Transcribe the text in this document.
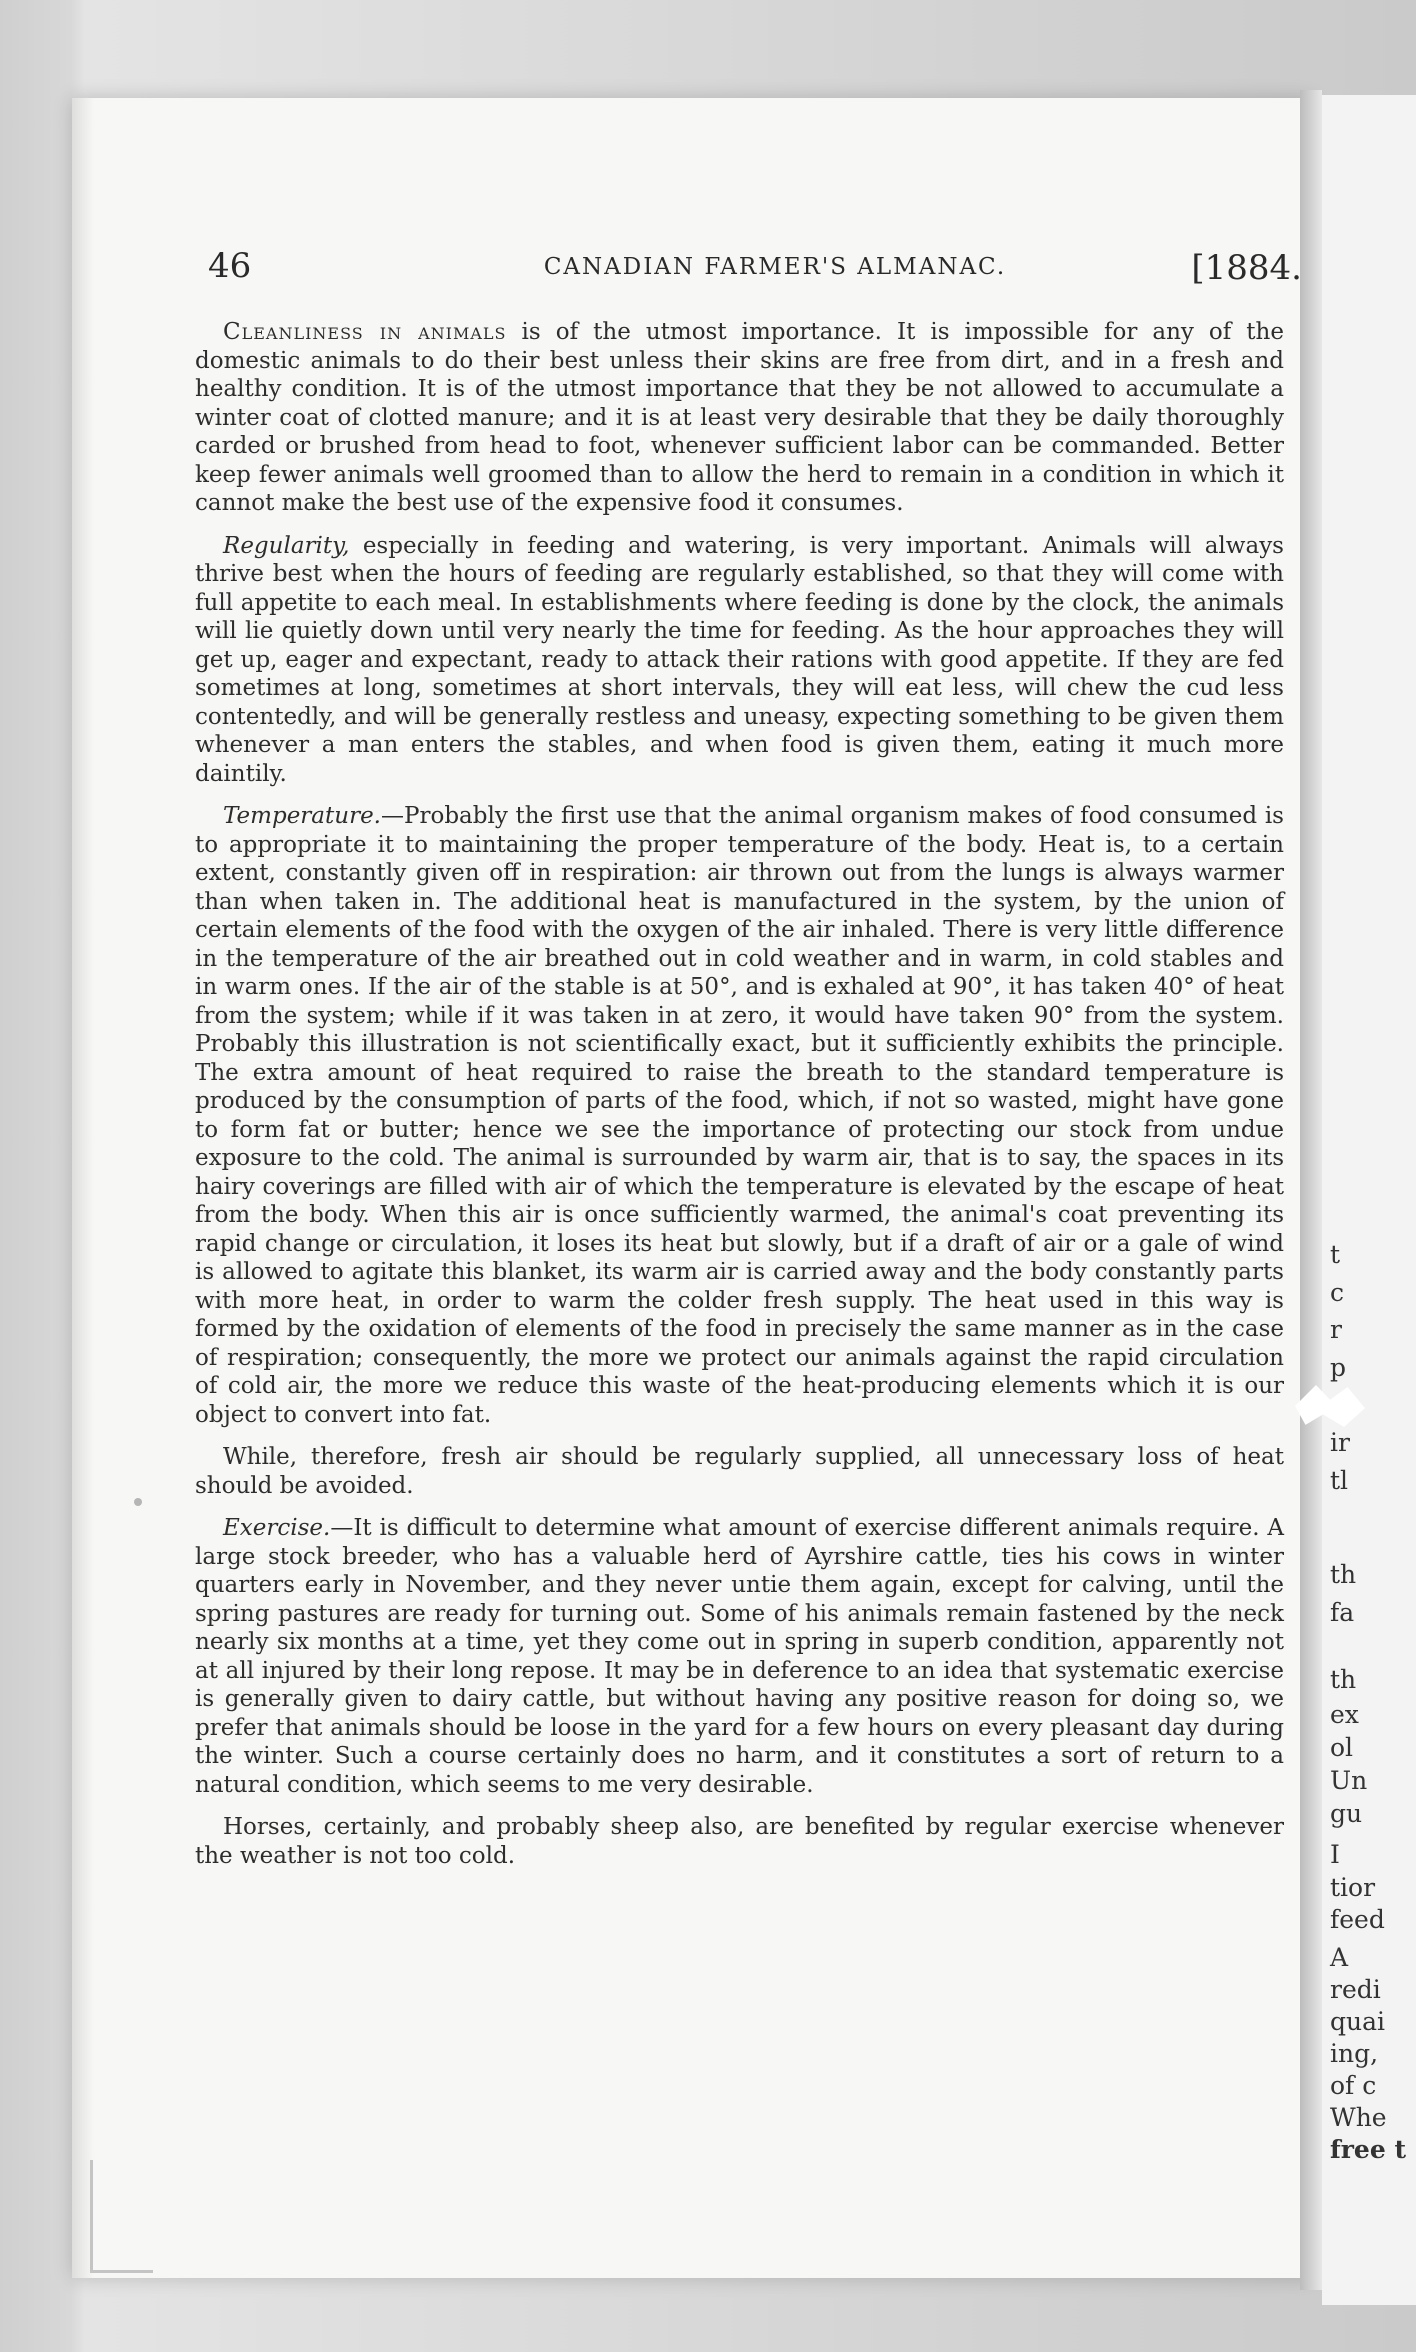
t
c
r
p
ir
tl
th
fa
th
ex
ol
Un
gu
I
tior
feed
A
redi
quai
ing,
of c
Whe
free t
46	CANADIAN FARMER'S ALMANAC.	[1884.

Cleanliness in animals is of the utmost importance. It is impossible for any of the domestic animals to do their best unless their skins are free from dirt, and in a fresh and healthy condition. It is of the utmost importance that they be not allowed to accumulate a winter coat of clotted manure; and it is at least very desirable that they be daily thoroughly carded or brushed from head to foot, whenever sufficient labor can be commanded. Better keep fewer animals well groomed than to allow the herd to remain in a condition in which it cannot make the best use of the expensive food it consumes.

Regularity, especially in feeding and watering, is very important. Animals will always thrive best when the hours of feeding are regularly established, so that they will come with full appetite to each meal. In establishments where feeding is done by the clock, the animals will lie quietly down until very nearly the time for feeding. As the hour approaches they will get up, eager and expectant, ready to attack their rations with good appetite. If they are fed sometimes at long, sometimes at short intervals, they will eat less, will chew the cud less contentedly, and will be generally restless and uneasy, expecting something to be given them whenever a man enters the stables, and when food is given them, eating it much more daintily.

Temperature.—Probably the first use that the animal organism makes of food consumed is to appropriate it to maintaining the proper temperature of the body. Heat is, to a certain extent, constantly given off in respiration: air thrown out from the lungs is always warmer than when taken in. The additional heat is manufactured in the system, by the union of certain elements of the food with the oxygen of the air inhaled. There is very little difference in the temperature of the air breathed out in cold weather and in warm, in cold stables and in warm ones. If the air of the stable is at 50°, and is exhaled at 90°, it has taken 40° of heat from the system; while if it was taken in at zero, it would have taken 90° from the system. Probably this illustration is not scientifically exact, but it sufficiently exhibits the principle. The extra amount of heat required to raise the breath to the standard temperature is produced by the consumption of parts of the food, which, if not so wasted, might have gone to form fat or butter; hence we see the importance of protecting our stock from undue exposure to the cold. The animal is surrounded by warm air, that is to say, the spaces in its hairy coverings are filled with air of which the temperature is elevated by the escape of heat from the body. When this air is once sufficiently warmed, the animal's coat preventing its rapid change or circulation, it loses its heat but slowly, but if a draft of air or a gale of wind is allowed to agitate this blanket, its warm air is carried away and the body constantly parts with more heat, in order to warm the colder fresh supply. The heat used in this way is formed by the oxidation of elements of the food in precisely the same manner as in the case of respiration; consequently, the more we protect our animals against the rapid circulation of cold air, the more we reduce this waste of the heat-producing elements which it is our object to convert into fat.

While, therefore, fresh air should be regularly supplied, all unnecessary loss of heat should be avoided.

Exercise.—It is difficult to determine what amount of exercise different animals require. A large stock breeder, who has a valuable herd of Ayrshire cattle, ties his cows in winter quarters early in November, and they never untie them again, except for calving, until the spring pastures are ready for turning out. Some of his animals remain fastened by the neck nearly six months at a time, yet they come out in spring in superb condition, apparently not at all injured by their long repose. It may be in deference to an idea that systematic exercise is generally given to dairy cattle, but without having any positive reason for doing so, we prefer that animals should be loose in the yard for a few hours on every pleasant day during the winter. Such a course certainly does no harm, and it constitutes a sort of return to a natural condition, which seems to me very desirable.

Horses, certainly, and probably sheep also, are benefited by regular exercise whenever the weather is not too cold.
